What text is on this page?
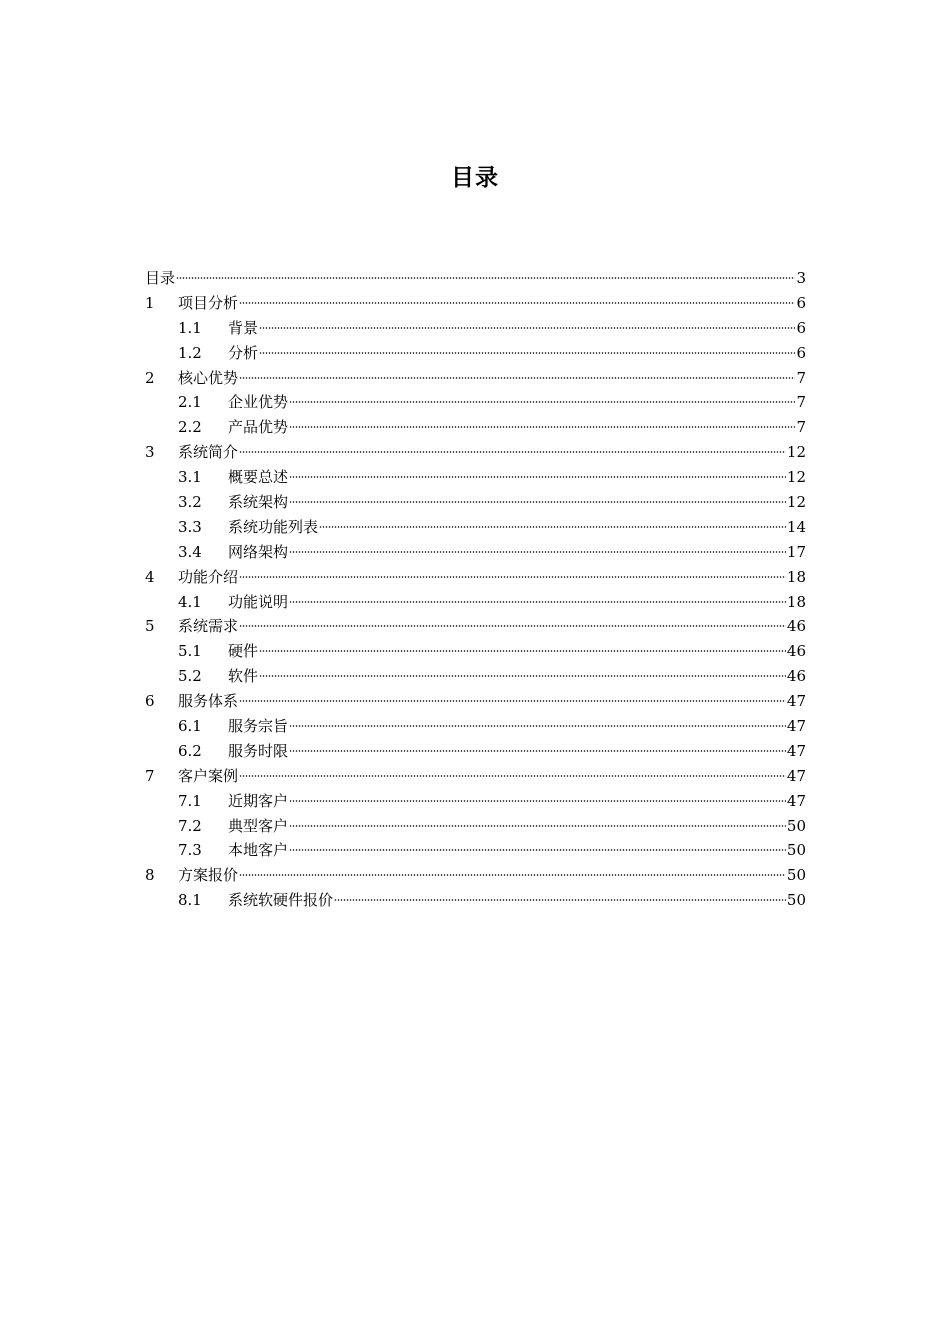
目录
目录	3
1	项目分析	6
1.1	背景	6
1.2	分析	6
2	核心优势	7
2.1	企业优势	7
2.2	产品优势	7
3	系统简介	12
3.1	概要总述	12
3.2	系统架构	12
3.3	系统功能列表	14
3.4	网络架构	17
4	功能介绍	18
4.1	功能说明	18
5	系统需求	46
5.1	硬件	46
5.2	软件	46
6	服务体系	47
6.1	服务宗旨	47
6.2	服务时限	47
7	客户案例	47
7.1	近期客户	47
7.2	典型客户	50
7.3	本地客户	50
8	方案报价	50
8.1	系统软硬件报价	50
